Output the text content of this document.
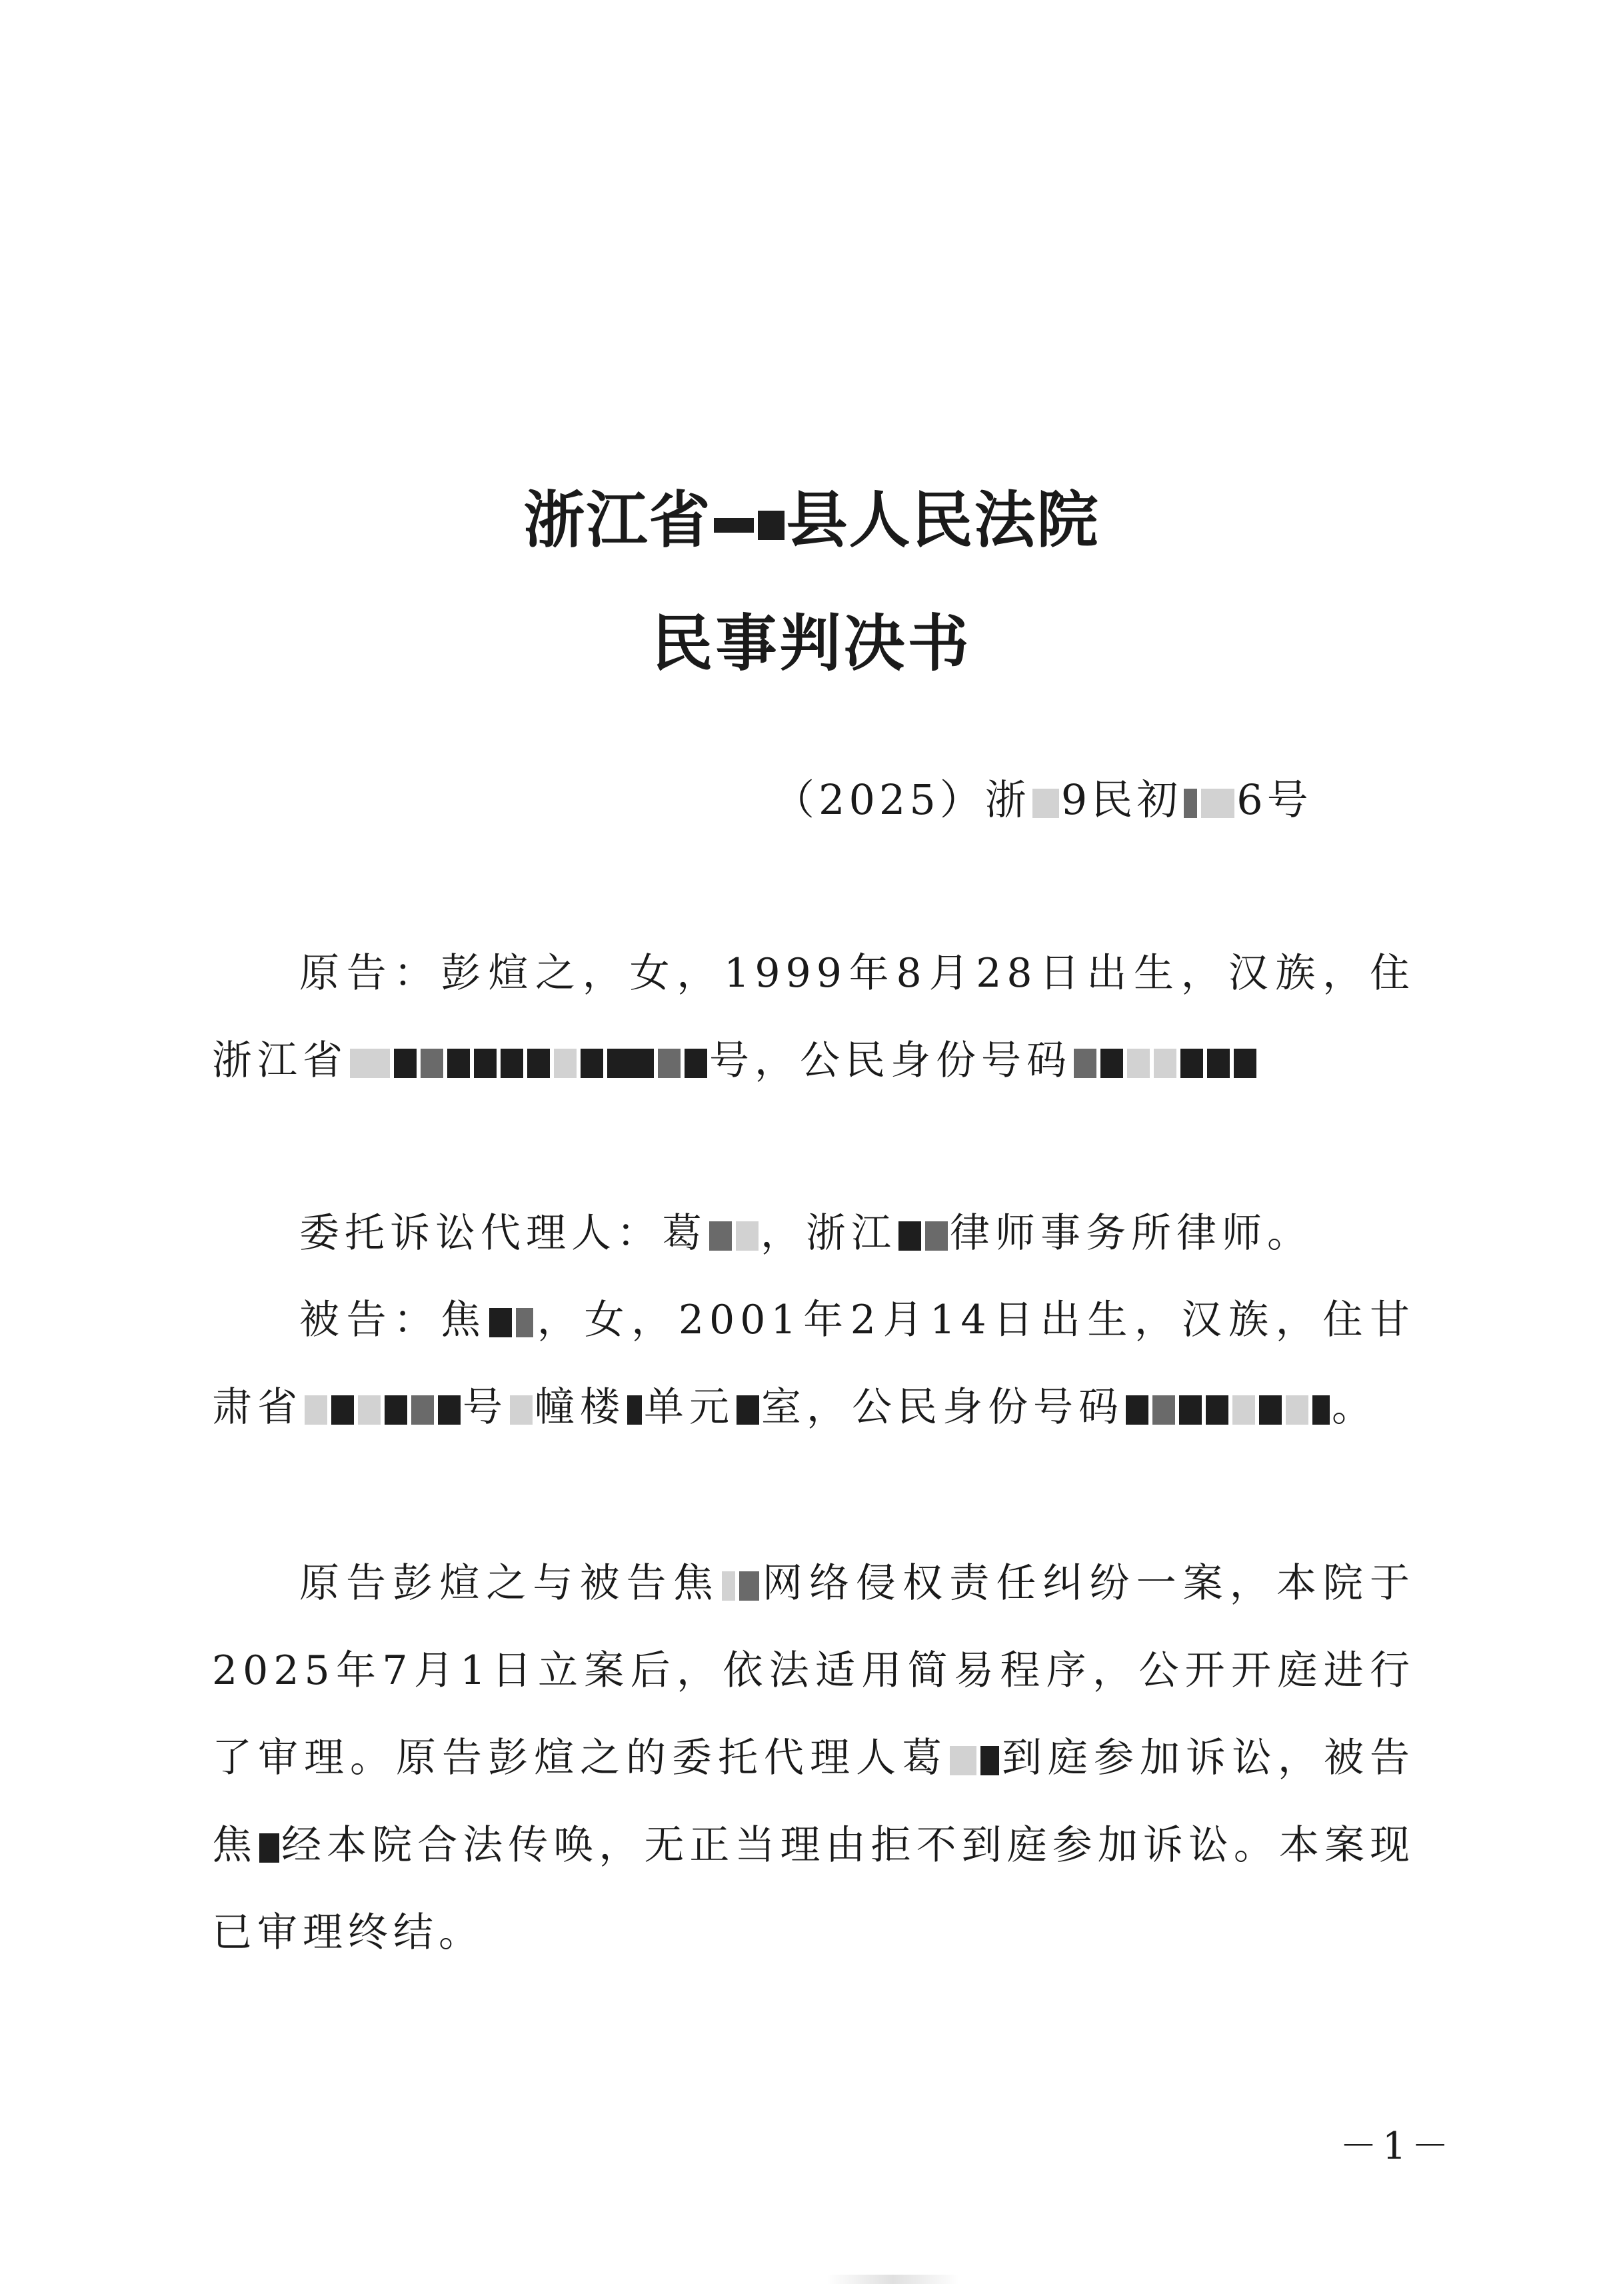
浙江省 县人民法院
民事判决书
（2025）浙 9民初 6号

原告：彭煊之，女，1999年8月28日出生，汉族，住浙江省	号，公民身份号码

委托诉讼代理人：葛 ，浙江 律师事务所律师。

被告：焦 ，女，2001年2月14日出生，汉族，住甘肃省	号 幢楼 单元 室，公民身份号码	。

原告彭煊之与被告焦 网络侵权责任纠纷一案，本院于2025年7月1日立案后，依法适用简易程序，公开开庭进行了审理。原告彭煊之的委托代理人葛 到庭参加诉讼，被告焦 经本院合法传唤，无正当理由拒不到庭参加诉讼。本案现已审理终结。

－1－
